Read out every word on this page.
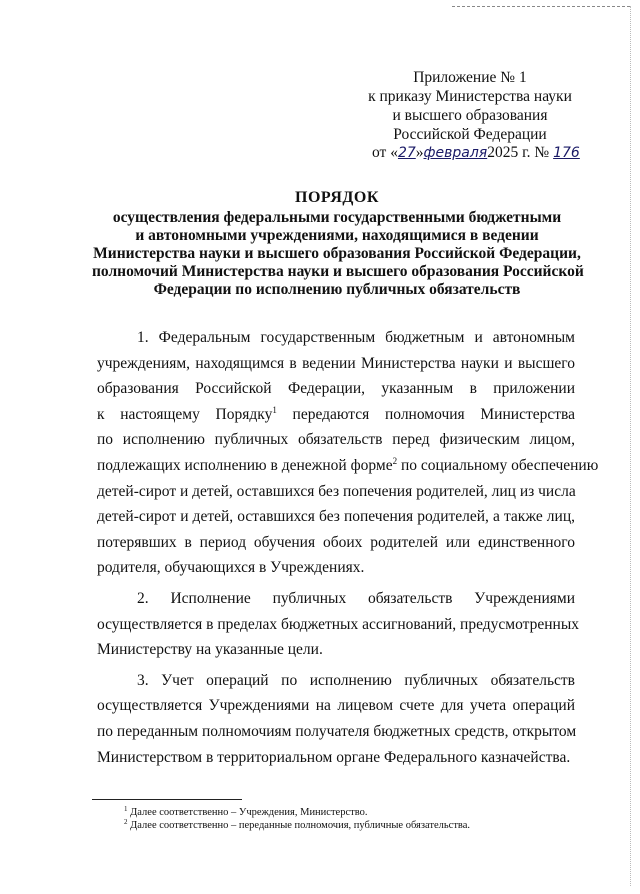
Приложение № 1
к приказу Министерства науки
и высшего образования
Российской Федерации
от «27»февраля2025 г. № 176
ПОРЯДОК
осуществления федеральными государственными бюджетными
и автономными учреждениями, находящимися в ведении
Министерства науки и высшего образования Российской Федерации,
полномочий Министерства науки и высшего образования Российской
Федерации по исполнению публичных обязательств
1. Федеральным государственным бюджетным и автономным
учреждениям, находящимся в ведении Министерства науки и высшего
образования Российской Федерации, указанным в приложении
к настоящему Порядку$^1$ передаются полномочия Министерства
по исполнению публичных обязательств перед физическим лицом,
подлежащих исполнению в денежной форме$^2$ по социальному обеспечению
детей-сирот и детей, оставшихся без попечения родителей, лиц из числа
детей-сирот и детей, оставшихся без попечения родителей, а также лиц,
потерявших в период обучения обоих родителей или единственного
родителя, обучающихся в Учреждениях.
2. Исполнение публичных обязательств Учреждениями
осуществляется в пределах бюджетных ассигнований, предусмотренных
Министерству на указанные цели.
3. Учет операций по исполнению публичных обязательств
осуществляется Учреждениями на лицевом счете для учета операций
по переданным полномочиям получателя бюджетных средств, открытом
Министерством в территориальном органе Федерального казначейства.
$^1$ Далее соответственно – Учреждения, Министерство.
$^2$ Далее соответственно – переданные полномочия, публичные обязательства.
